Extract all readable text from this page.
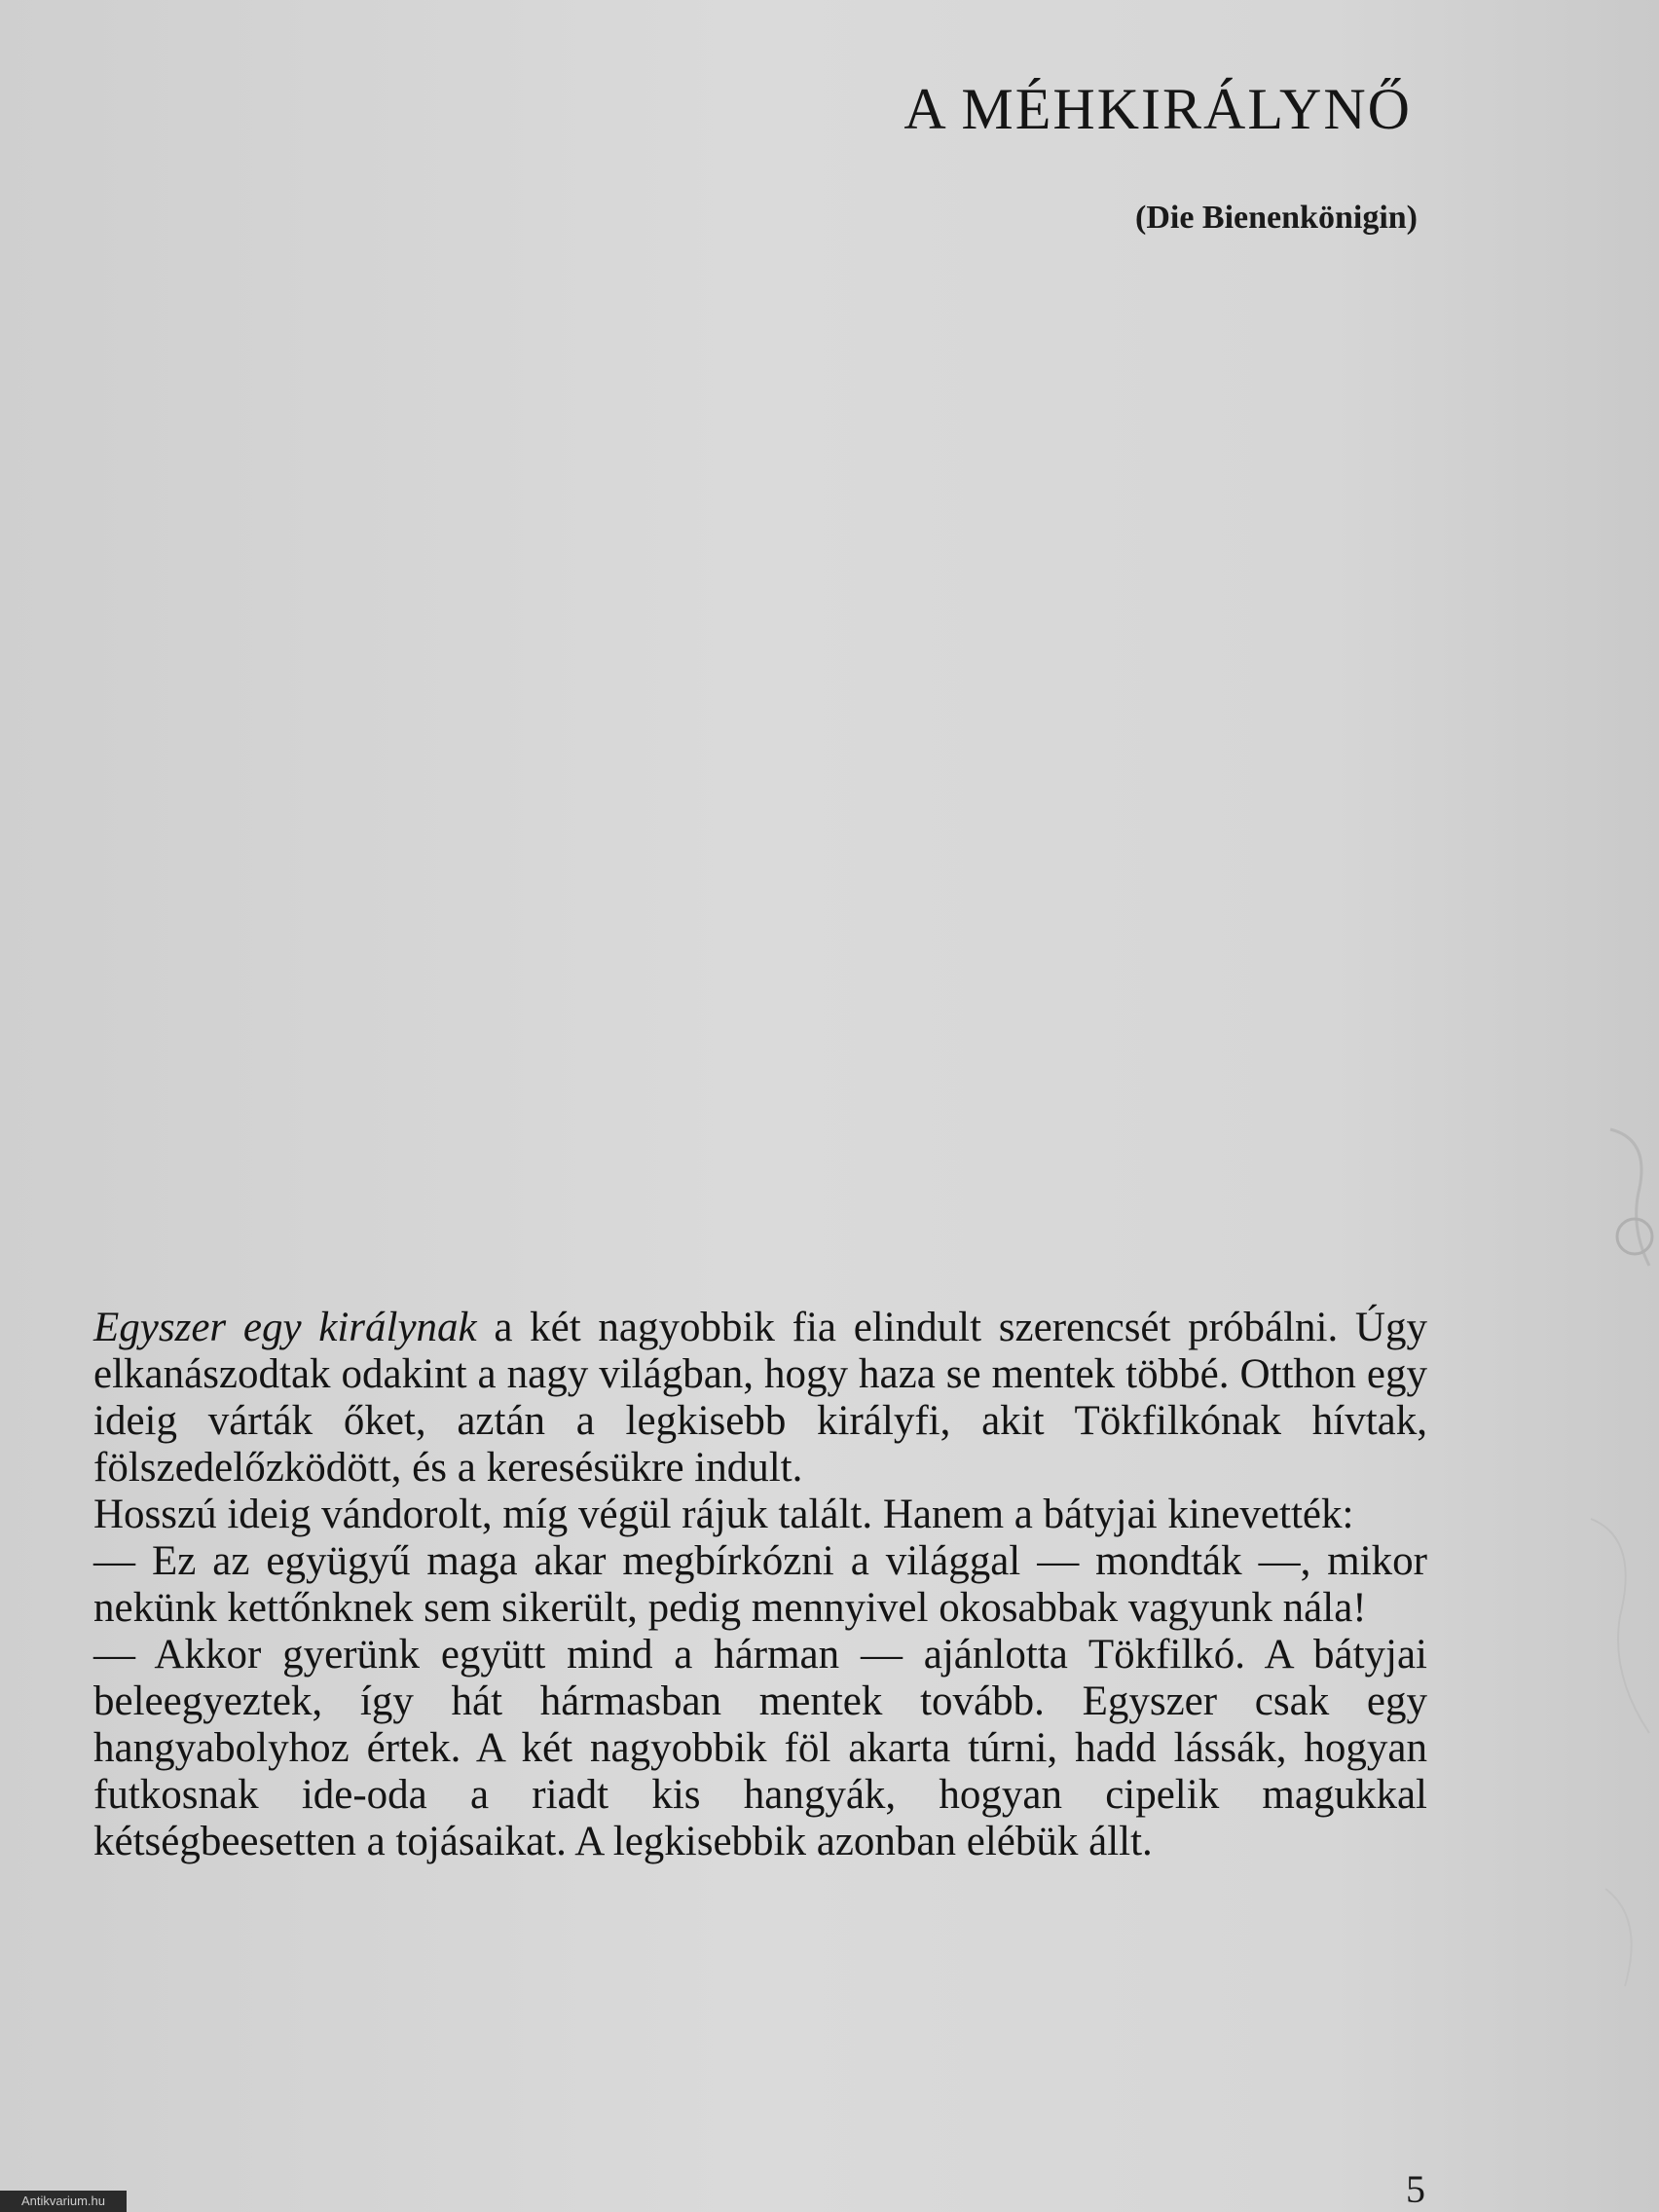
A MÉHKIRÁLYNŐ
(Die Bienenkönigin)

Egyszer egy királynak a két nagyobbik fia elindult szerencsét próbálni. Úgy elkanászodtak odakint a nagy világban, hogy haza se mentek többé. Otthon egy ideig várták őket, aztán a legkisebb királyfi, akit Tökfilkónak hívtak, fölszedelőzködött, és a keresésükre indult.

Hosszú ideig vándorolt, míg végül rájuk talált. Hanem a bátyjai kinevették:

— Ez az együgyű maga akar megbírkózni a világgal — mondták —, mikor nekünk kettőnknek sem sikerült, pedig mennyivel okosabbak vagyunk nála!

— Akkor gyerünk együtt mind a hárman — ajánlotta Tökfilkó. A bátyjai beleegyeztek, így hát hármasban mentek tovább. Egyszer csak egy hangyabolyhoz értek. A két nagyobbik föl akarta túrni, hadd lássák, hogyan futkosnak ide-oda a riadt kis hangyák, hogyan cipelik magukkal kétségbeesetten a tojásaikat. A legkisebbik azonban elébük állt.

5
Antikvarium.hu
